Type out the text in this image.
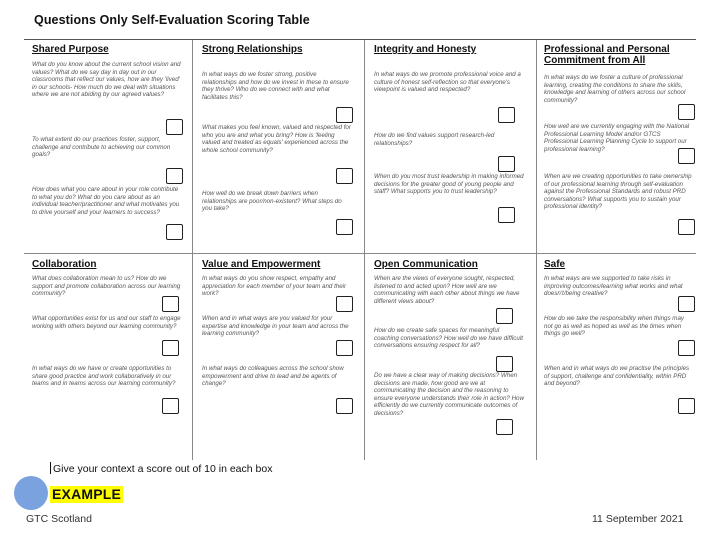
Questions Only Self-Evaluation Scoring Table
Shared Purpose
What do you know about the current school vision and values? What do we say day in day out in our classrooms that reflect our values, how are they 'lived' in our schools- How much do we deal with situations where we are not abiding by our agreed values?
To what extent do our practices foster, support, challenge and contribute to achieving our common goals?
How does what you care about in your role contribute to what you do? What do you care about as an individual teacher/practitioner and what motivates you to drive yourself and your learners to success?
Strong Relationships
In what ways do we foster strong, positive relationships and how do we invest in these to ensure they thrive? Who do we connect with and what facilitates this?
What makes you feel known, valued and respected for who you are and what you bring? How is 'feeling valued and treated as equals' experienced across the whole school community?
How well do we break down barriers when relationships are poor/non-existent? What steps do you take?
Integrity and Honesty
In what ways do we promote professional voice and a culture of honest self-reflection so that everyone's viewpoint is valued and respected?
How do we find values support research-led relationships?
When do you most trust leadership in making informed decisions for the greater good of young people and staff? What supports you to trust leadership?
Professional and Personal Commitment from All
In what ways do we foster a culture of professional learning, creating the conditions to share the skills, knowledge and learning of others across our school community?
How well are we currently engaging with the National Professional Learning Model and/or GTCS Professional Learning Planning Cycle to support our professional learning?
When are we creating opportunities to take ownership of our professional learning through self-evaluation against the Professional Standards and robust PRD conversations? What supports you to sustain your professional identity?
Collaboration
What does collaboration mean to us? How do we support and promote collaboration across our learning community?
What opportunities exist for us and our staff to engage working with others beyond our learning community?
In what ways do we have or create opportunities to share good practice and work collaboratively in our teams and in teams across our learning community?
Value and Empowerment
In what ways do you show respect, empathy and appreciation for each member of your team and their work?
When and in what ways are you valued for your expertise and knowledge in your team and across the learning community?
In what ways do colleagues across the school show empowerment and drive to lead and be agents of change?
Open Communication
When are the views of everyone sought, respected, listened to and acted upon? How well are we communicating with each other about things we have different views about?
How do we create safe spaces for meaningful coaching conversations? How well do we have difficult conversations ensuring respect for all?
Do we have a clear way of making decisions? When decisions are made, how good are we at communicating the decision and the reasoning to ensure everyone understands their role in action? How efficiently do we currently communicate outcomes of decisions?
Safe
In what ways are we supported to take risks in improving outcomes/learning what works and what doesn't/being creative?
How do we take the responsibility when things may not go as well as hoped as well as the times when things go well?
When and in what ways do we practise the principles of support, challenge and confidentiality, within PRD and beyond?
Give your context a score out of 10 in each box
EXAMPLE
GTC Scotland	11 September 2021
